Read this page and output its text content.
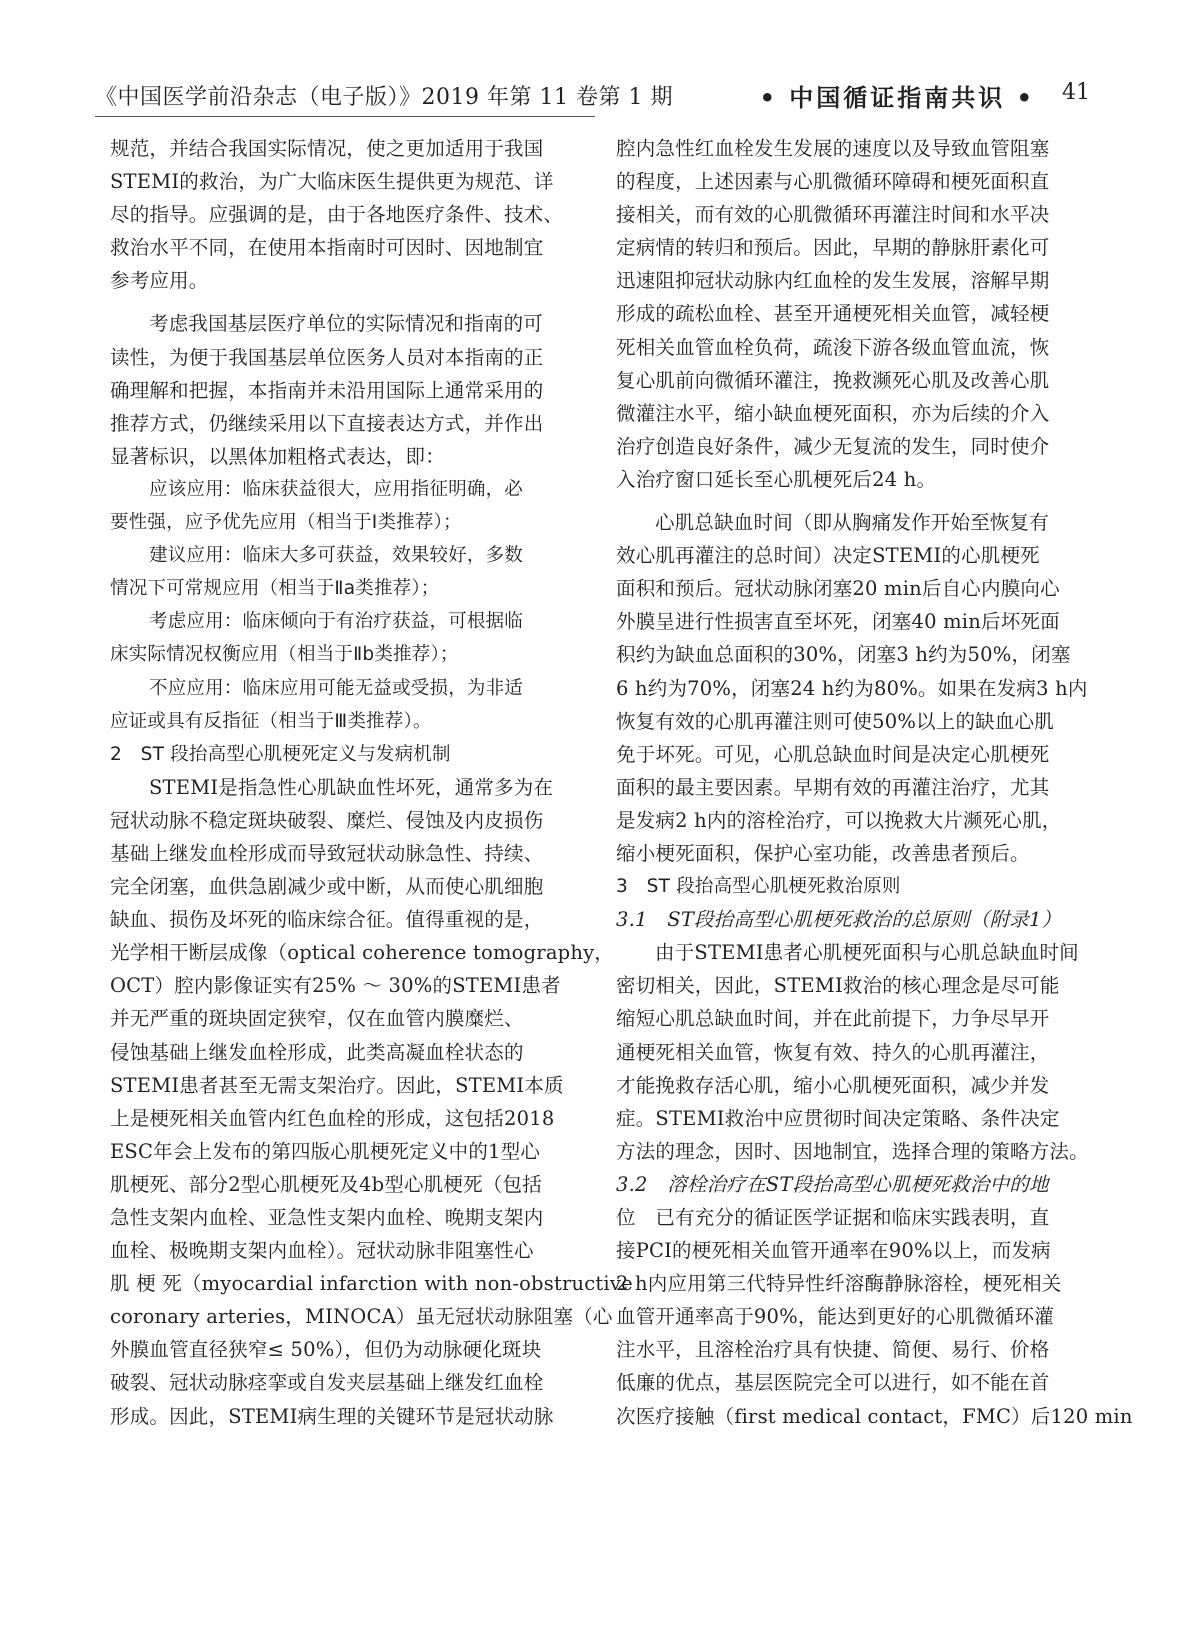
《中国医学前沿杂志（电子版）》2019 年第 11 卷第 1 期	• 中国循证指南共识 • 41
规范，并结合我国实际情况，使之更加适用于我国
STEMI的救治，为广大临床医生提供更为规范、详
尽的指导。应强调的是，由于各地医疗条件、技术、
救治水平不同，在使用本指南时可因时、因地制宜
参考应用。
考虑我国基层医疗单位的实际情况和指南的可
读性，为便于我国基层单位医务人员对本指南的正
确理解和把握，本指南并未沿用国际上通常采用的
推荐方式，仍继续采用以下直接表达方式，并作出
显著标识，以黑体加粗格式表达，即：
应该应用：临床获益很大，应用指征明确，必
要性强，应予优先应用（相当于Ⅰ类推荐）；
建议应用：临床大多可获益，效果较好，多数
情况下可常规应用（相当于Ⅱa类推荐）；
考虑应用：临床倾向于有治疗获益，可根据临
床实际情况权衡应用（相当于Ⅱb类推荐）；
不应应用：临床应用可能无益或受损，为非适
应证或具有反指征（相当于Ⅲ类推荐）。
2　ST 段抬高型心肌梗死定义与发病机制
STEMI是指急性心肌缺血性坏死，通常多为在
冠状动脉不稳定斑块破裂、糜烂、侵蚀及内皮损伤
基础上继发血栓形成而导致冠状动脉急性、持续、
完全闭塞，血供急剧减少或中断，从而使心肌细胞
缺血、损伤及坏死的临床综合征。值得重视的是，
光学相干断层成像（optical coherence tomography，
OCT）腔内影像证实有25% ～ 30%的STEMI患者
并无严重的斑块固定狭窄，仅在血管内膜糜烂、
侵蚀基础上继发血栓形成，此类高凝血栓状态的
STEMI患者甚至无需支架治疗。因此，STEMI本质
上是梗死相关血管内红色血栓的形成，这包括2018
ESC年会上发布的第四版心肌梗死定义中的1型心
肌梗死、部分2型心肌梗死及4b型心肌梗死（包括
急性支架内血栓、亚急性支架内血栓、晚期支架内
血栓、极晚期支架内血栓）。冠状动脉非阻塞性心
肌 梗 死（myocardial infarction with non-obstructive
coronary arteries，MINOCA）虽无冠状动脉阻塞（心
外膜血管直径狭窄≤ 50%），但仍为动脉硬化斑块
破裂、冠状动脉痉挛或自发夹层基础上继发红血栓
形成。因此，STEMI病生理的关键环节是冠状动脉
腔内急性红血栓发生发展的速度以及导致血管阻塞
的程度，上述因素与心肌微循环障碍和梗死面积直
接相关，而有效的心肌微循环再灌注时间和水平决
定病情的转归和预后。因此，早期的静脉肝素化可
迅速阻抑冠状动脉内红血栓的发生发展，溶解早期
形成的疏松血栓、甚至开通梗死相关血管，减轻梗
死相关血管血栓负荷，疏浚下游各级血管血流，恢
复心肌前向微循环灌注，挽救濒死心肌及改善心肌
微灌注水平，缩小缺血梗死面积，亦为后续的介入
治疗创造良好条件，减少无复流的发生，同时使介
入治疗窗口延长至心肌梗死后24 h。
心肌总缺血时间（即从胸痛发作开始至恢复有
效心肌再灌注的总时间）决定STEMI的心肌梗死
面积和预后。冠状动脉闭塞20 min后自心内膜向心
外膜呈进行性损害直至坏死，闭塞40 min后坏死面
积约为缺血总面积的30%，闭塞3 h约为50%，闭塞
6 h约为70%，闭塞24 h约为80%。如果在发病3 h内
恢复有效的心肌再灌注则可使50%以上的缺血心肌
免于坏死。可见，心肌总缺血时间是决定心肌梗死
面积的最主要因素。早期有效的再灌注治疗，尤其
是发病2 h内的溶栓治疗，可以挽救大片濒死心肌，
缩小梗死面积，保护心室功能，改善患者预后。
3　ST 段抬高型心肌梗死救治原则
3.1　ST段抬高型心肌梗死救治的总原则（附录1）
由于STEMI患者心肌梗死面积与心肌总缺血时间
密切相关，因此，STEMI救治的核心理念是尽可能
缩短心肌总缺血时间，并在此前提下，力争尽早开
通梗死相关血管，恢复有效、持久的心肌再灌注，
才能挽救存活心肌，缩小心肌梗死面积，减少并发
症。STEMI救治中应贯彻时间决定策略、条件决定
方法的理念，因时、因地制宜，选择合理的策略方法。
3.2　溶栓治疗在ST段抬高型心肌梗死救治中的地
位　已有充分的循证医学证据和临床实践表明，直
接PCI的梗死相关血管开通率在90%以上，而发病
2 h内应用第三代特异性纤溶酶静脉溶栓，梗死相关
血管开通率高于90%，能达到更好的心肌微循环灌
注水平，且溶栓治疗具有快捷、简便、易行、价格
低廉的优点，基层医院完全可以进行，如不能在首
次医疗接触（first medical contact，FMC）后120 min
